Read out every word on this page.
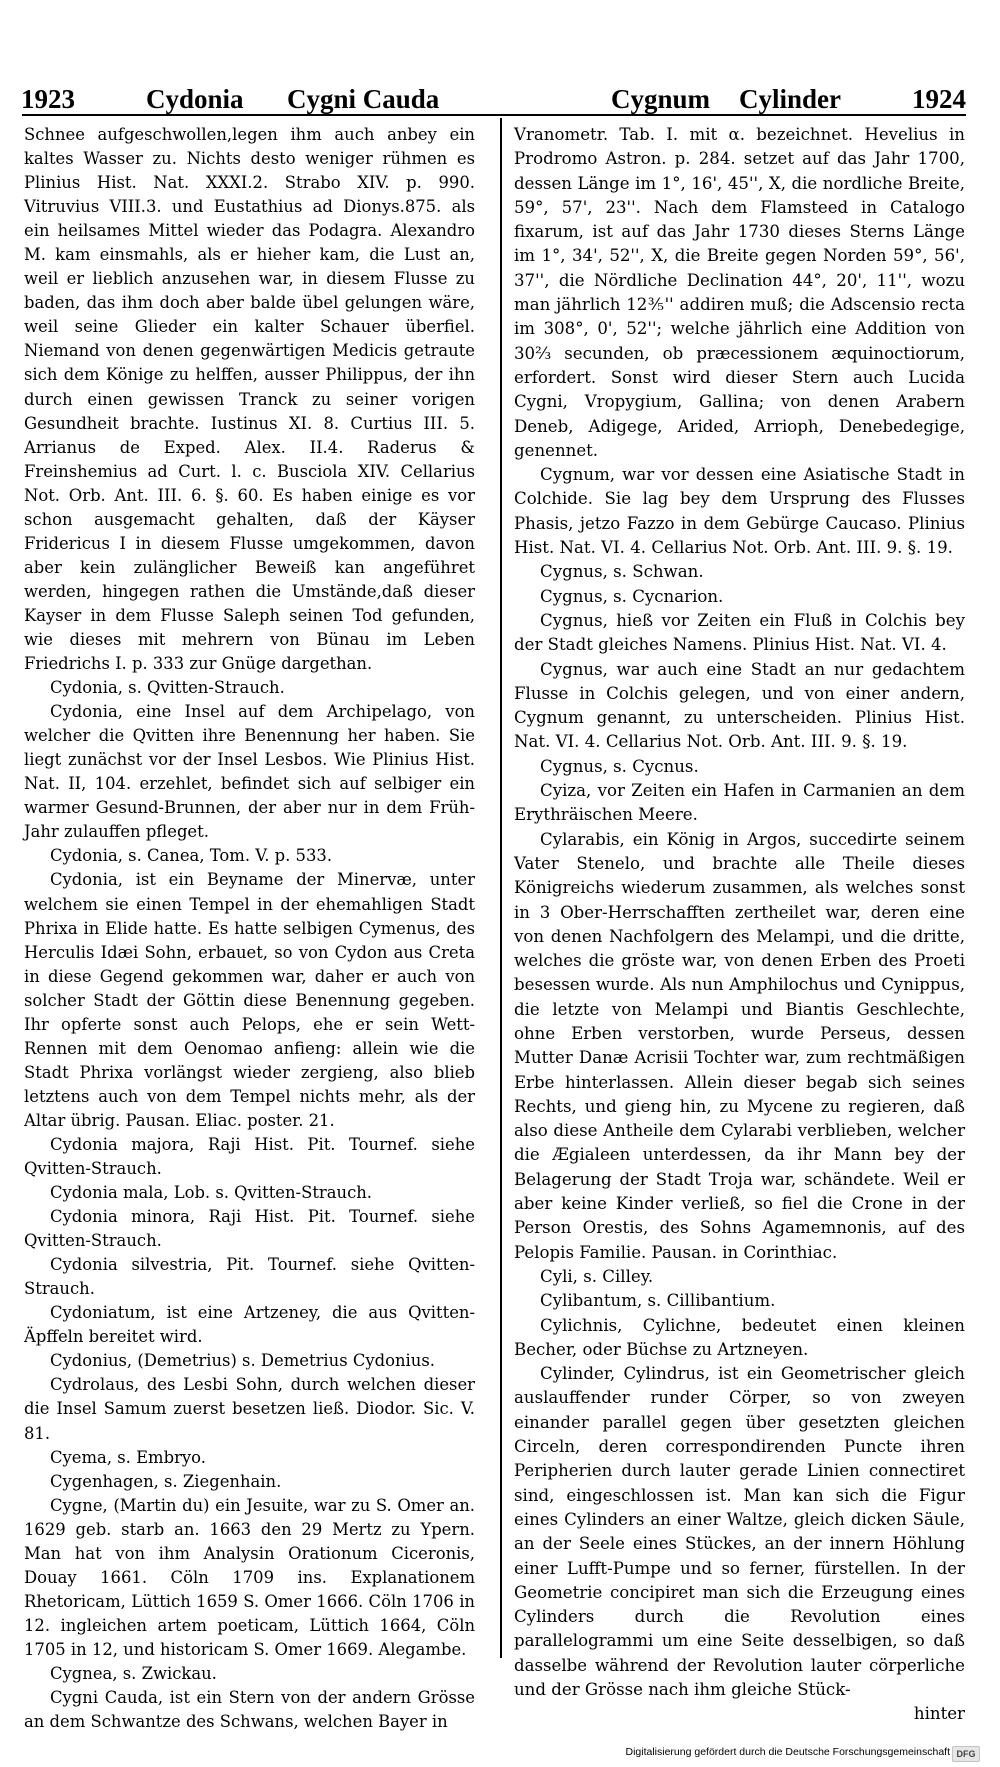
1923	Cydonia Cygni Cauda	Cygnum Cylinder	1924
Schnee aufgeschwollen,legen ihm auch anbey ein kaltes Wasser zu. Nichts desto weniger rühmen es Plinius Hist. Nat. XXXI.2. Strabo XIV. p. 990. Vitruvius VIII.3. und Eustathius ad Dionys.875. als ein heilsames Mittel wieder das Podagra. Alexandro M. kam einsmahls, als er hieher kam, die Lust an, weil er lieblich anzusehen war, in diesem Flusse zu baden, das ihm doch aber balde übel gelungen wäre, weil seine Glieder ein kalter Schauer überfiel. Niemand von denen gegenwärtigen Medicis getraute sich dem Könige zu helffen, ausser Philippus, der ihn durch einen gewissen Tranck zu seiner vorigen Gesundheit brachte. Iustinus XI. 8. Curtius III. 5. Arrianus de Exped. Alex. II.4. Raderus & Freinshemius ad Curt. l. c. Busciola XIV. Cellarius Not. Orb. Ant. III. 6. §. 60. Es haben einige es vor schon ausgemacht gehalten, daß der Käyser Fridericus I in diesem Flusse umgekommen, davon aber kein zulänglicher Beweiß kan angeführet werden, hingegen rathen die Umstände,daß dieser Kayser in dem Flusse Saleph seinen Tod gefunden, wie dieses mit mehrern von Bünau im Leben Friedrichs I. p. 333 zur Gnüge dargethan.
Cydonia, s. Qvitten-Strauch.
Cydonia, eine Insel auf dem Archipelago, von welcher die Qvitten ihre Benennung her haben. Sie liegt zunächst vor der Insel Lesbos. Wie Plinius Hist. Nat. II, 104. erzehlet, befindet sich auf selbiger ein warmer Gesund-Brunnen, der aber nur in dem Früh-Jahr zulauffen pfleget.
Cydonia, s. Canea, Tom. V. p. 533.
Cydonia, ist ein Beyname der Minervæ, unter welchem sie einen Tempel in der ehemahligen Stadt Phrixa in Elide hatte. Es hatte selbigen Cymenus, des Herculis Idæi Sohn, erbauet, so von Cydon aus Creta in diese Gegend gekommen war, daher er auch von solcher Stadt der Göttin diese Benennung gegeben. Ihr opferte sonst auch Pelops, ehe er sein Wett-Rennen mit dem Oenomao anfieng: allein wie die Stadt Phrixa vorlängst wieder zergieng, also blieb letztens auch von dem Tempel nichts mehr, als der Altar übrig. Pausan. Eliac. poster. 21.
Cydonia majora, Raji Hist. Pit. Tournef. siehe Qvitten-Strauch.
Cydonia mala, Lob. s. Qvitten-Strauch.
Cydonia minora, Raji Hist. Pit. Tournef. siehe Qvitten-Strauch.
Cydonia silvestria, Pit. Tournef. siehe Qvitten-Strauch.
Cydoniatum, ist eine Artzeney, die aus Qvitten-Äpffeln bereitet wird.
Cydonius, (Demetrius) s. Demetrius Cydonius.
Cydrolaus, des Lesbi Sohn, durch welchen dieser die Insel Samum zuerst besetzen ließ. Diodor. Sic. V. 81.
Cyema, s. Embryo.
Cygenhagen, s. Ziegenhain.
Cygne, (Martin du) ein Jesuite, war zu S. Omer an. 1629 geb. starb an. 1663 den 29 Mertz zu Ypern. Man hat von ihm Analysin Orationum Ciceronis, Douay 1661. Cöln 1709 ins. Explanationem Rhetoricam, Lüttich 1659 S. Omer 1666. Cöln 1706 in 12. ingleichen artem poeticam, Lüttich 1664, Cöln 1705 in 12, und historicam S. Omer 1669. Alegambe.
Cygnea, s. Zwickau.
Cygni Cauda, ist ein Stern von der andern Grösse an dem Schwantze des Schwans, welchen Bayer in
Vranometr. Tab. I. mit α. bezeichnet. Hevelius in Prodromo Astron. p. 284. setzet auf das Jahr 1700, dessen Länge im 1°, 16', 45'', X, die nordliche Breite, 59°, 57', 23''. Nach dem Flamsteed in Catalogo fixarum, ist auf das Jahr 1730 dieses Sterns Länge im 1°, 34', 52'', X, die Breite gegen Norden 59°, 56', 37'', die Nördliche Declination 44°, 20', 11'', wozu man jährlich 12⅗'' addiren muß; die Adscensio recta im 308°, 0', 52''; welche jährlich eine Addition von 30⅔ secunden, ob præcessionem æquinoctiorum, erfordert. Sonst wird dieser Stern auch Lucida Cygni, Vropygium, Gallina; von denen Arabern Deneb, Adigege, Arided, Arrioph, Denebedegige, genennet.
Cygnum, war vor dessen eine Asiatische Stadt in Colchide. Sie lag bey dem Ursprung des Flusses Phasis, jetzo Fazzo in dem Gebürge Caucaso. Plinius Hist. Nat. VI. 4. Cellarius Not. Orb. Ant. III. 9. §. 19.
Cygnus, s. Schwan.
Cygnus, s. Cycnarion.
Cygnus, hieß vor Zeiten ein Fluß in Colchis bey der Stadt gleiches Namens. Plinius Hist. Nat. VI. 4.
Cygnus, war auch eine Stadt an nur gedachtem Flusse in Colchis gelegen, und von einer andern, Cygnum genannt, zu unterscheiden. Plinius Hist. Nat. VI. 4. Cellarius Not. Orb. Ant. III. 9. §. 19.
Cygnus, s. Cycnus.
Cyiza, vor Zeiten ein Hafen in Carmanien an dem Erythräischen Meere.
Cylarabis, ein König in Argos, succedirte seinem Vater Stenelo, und brachte alle Theile dieses Königreichs wiederum zusammen, als welches sonst in 3 Ober-Herrschafften zertheilet war, deren eine von denen Nachfolgern des Melampi, und die dritte, welches die gröste war, von denen Erben des Proeti besessen wurde. Als nun Amphilochus und Cynippus, die letzte von Melampi und Biantis Geschlechte, ohne Erben verstorben, wurde Perseus, dessen Mutter Danæ Acrisii Tochter war, zum rechtmäßigen Erbe hinterlassen. Allein dieser begab sich seines Rechts, und gieng hin, zu Mycene zu regieren, daß also diese Antheile dem Cylarabi verblieben, welcher die Ægialeen unterdessen, da ihr Mann bey der Belagerung der Stadt Troja war, schändete. Weil er aber keine Kinder verließ, so fiel die Crone in der Person Orestis, des Sohns Agamemnonis, auf des Pelopis Familie. Pausan. in Corinthiac.
Cyli, s. Cilley.
Cylibantum, s. Cillibantium.
Cylichnis, Cylichne, bedeutet einen kleinen Becher, oder Büchse zu Artzneyen.
Cylinder, Cylindrus, ist ein Geometrischer gleich auslauffender runder Cörper, so von zweyen einander parallel gegen über gesetzten gleichen Circeln, deren correspondirenden Puncte ihren Peripherien durch lauter gerade Linien connectiret sind, eingeschlossen ist. Man kan sich die Figur eines Cylinders an einer Waltze, gleich dicken Säule, an der Seele eines Stückes, an der innern Höhlung einer Lufft-Pumpe und so ferner, fürstellen. In der Geometrie concipiret man sich die Erzeugung eines Cylinders durch die Revolution eines parallelogrammi um eine Seite desselbigen, so daß dasselbe während der Revolution lauter cörperliche und der Grösse nach ihm gleiche Stück-
hinter
Digitalisierung gefördert durch die Deutsche Forschungsgemeinschaft DFG
